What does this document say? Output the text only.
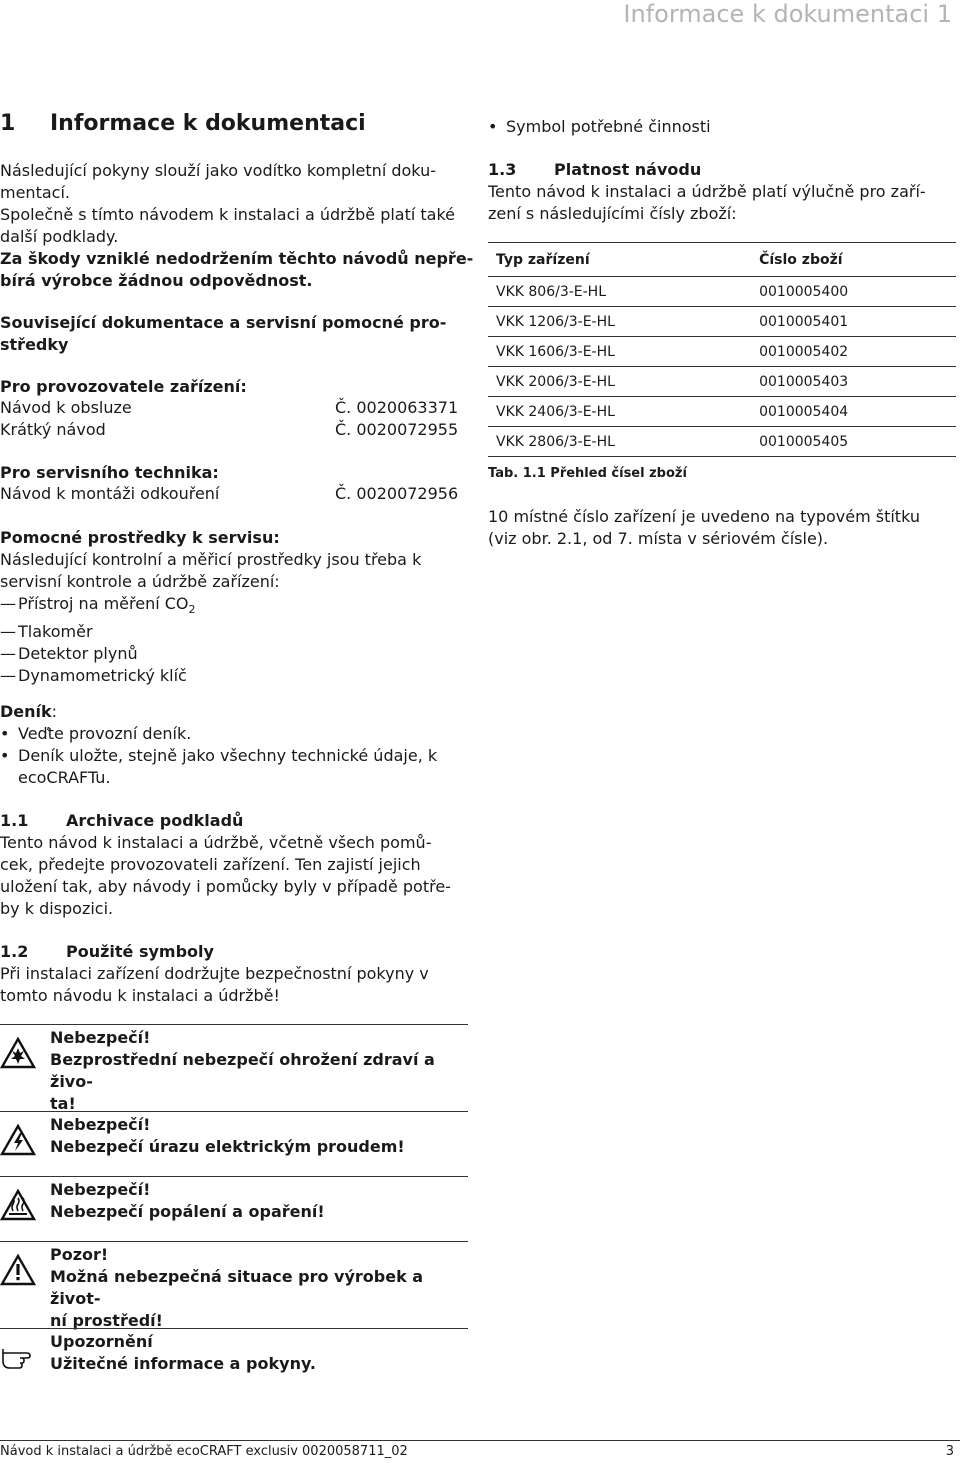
Informace k dokumentaci 1
1 Informace k dokumentaci
Následující pokyny slouží jako vodítko kompletní doku-
mentací.
Společně s tímto návodem k instalaci a údržbě platí také
další podklady.
Za škody vzniklé nedodržením těchto návodů nepře-
bírá výrobce žádnou odpovědnost.
Související dokumentace a servisní pomocné pro-
středky
Pro provozovatele zařízení:
Návod k obsluze	Č. 0020063371
Krátký návod	Č. 0020072955
Pro servisního technika:
Návod k montáži odkouření	Č. 0020072956
Pomocné prostředky k servisu:
Následující kontrolní a měřicí prostředky jsou třeba k
servisní kontrole a údržbě zařízení:
— Přístroj na měření $CO_2$
— Tlakoměr
— Detektor plynů
— Dynamometrický klíč
Deník:
• Veďte provozní deník.
• Deník uložte, stejně jako všechny technické údaje, k
ecoCRAFTu.
1.1 Archivace podkladů
Tento návod k instalaci a údržbě, včetně všech pomů-
cek, předejte provozovateli zařízení. Ten zajistí jejich
uložení tak, aby návody i pomůcky byly v případě potře-
by k dispozici.
1.2 Použité symboly
Při instalaci zařízení dodržujte bezpečnostní pokyny v
tomto návodu k instalaci a údržbě!
Nebezpečí!
Bezprostřední nebezpečí ohrožení zdraví a živo-
ta!
Nebezpečí!
Nebezpečí úrazu elektrickým proudem!
Nebezpečí!
Nebezpečí popálení a opaření!
Pozor!
Možná nebezpečná situace pro výrobek a život-
ní prostředí!
Upozornění
Užitečné informace a pokyny.
• Symbol potřebné činnosti
1.3 Platnost návodu
Tento návod k instalaci a údržbě platí výlučně pro zaří-
zení s následujícími čísly zboží:
Typ zařízení	Číslo zboží
VKK 806/3-E-HL	0010005400
VKK 1206/3-E-HL	0010005401
VKK 1606/3-E-HL	0010005402
VKK 2006/3-E-HL	0010005403
VKK 2406/3-E-HL	0010005404
VKK 2806/3-E-HL	0010005405
Tab. 1.1 Přehled čísel zboží
10 místné číslo zařízení je uvedeno na typovém štítku
(viz obr. 2.1, od 7. místa v sériovém čísle).
Návod k instalaci a údržbě ecoCRAFT exclusiv 0020058711_02	3
